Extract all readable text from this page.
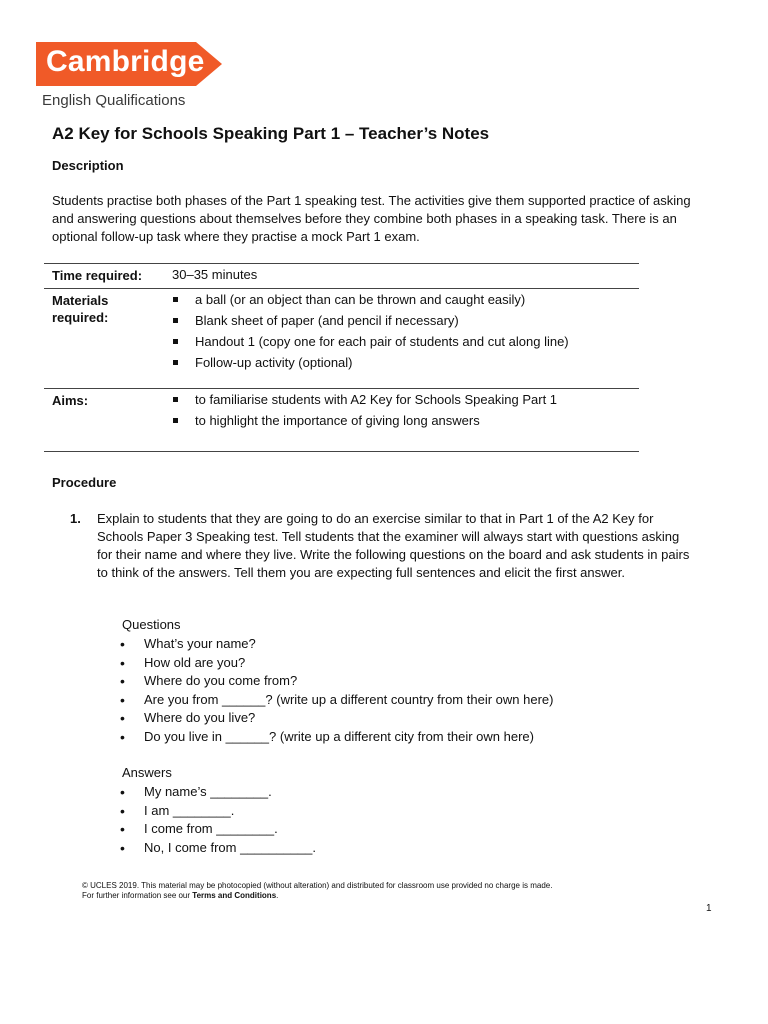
Cambridge
English Qualifications
A2 Key for Schools Speaking Part 1 – Teacher’s Notes
Description
Students practise both phases of the Part 1 speaking test. The activities give them supported practice of asking and answering questions about themselves before they combine both phases in a speaking task. There is an optional follow-up task where they practise a mock Part 1 exam.
Time required: 30–35 minutes
Materials required:
a ball (or an object than can be thrown and caught easily)
Blank sheet of paper (and pencil if necessary)
Handout 1 (copy one for each pair of students and cut along line)
Follow-up activity (optional)
Aims:	to familiarise students with A2 Key for Schools Speaking Part 1
to highlight the importance of giving long answers
Procedure
1. Explain to students that they are going to do an exercise similar to that in Part 1 of the A2 Key for Schools Paper 3 Speaking test. Tell students that the examiner will always start with questions asking for their name and where they live. Write the following questions on the board and ask students in pairs to think of the answers. Tell them you are expecting full sentences and elicit the first answer.
Questions
• What’s your name?
• How old are you?
• Where do you come from?
• Are you from ______? (write up a different country from their own here)
• Where do you live?
• Do you live in ______? (write up a different city from their own here)
Answers
• My name’s ________.
• I am ________.
• I come from ________.
• No, I come from __________.
© UCLES 2019. This material may be photocopied (without alteration) and distributed for classroom use provided no charge is made.
For further information see our Terms and Conditions.
1
